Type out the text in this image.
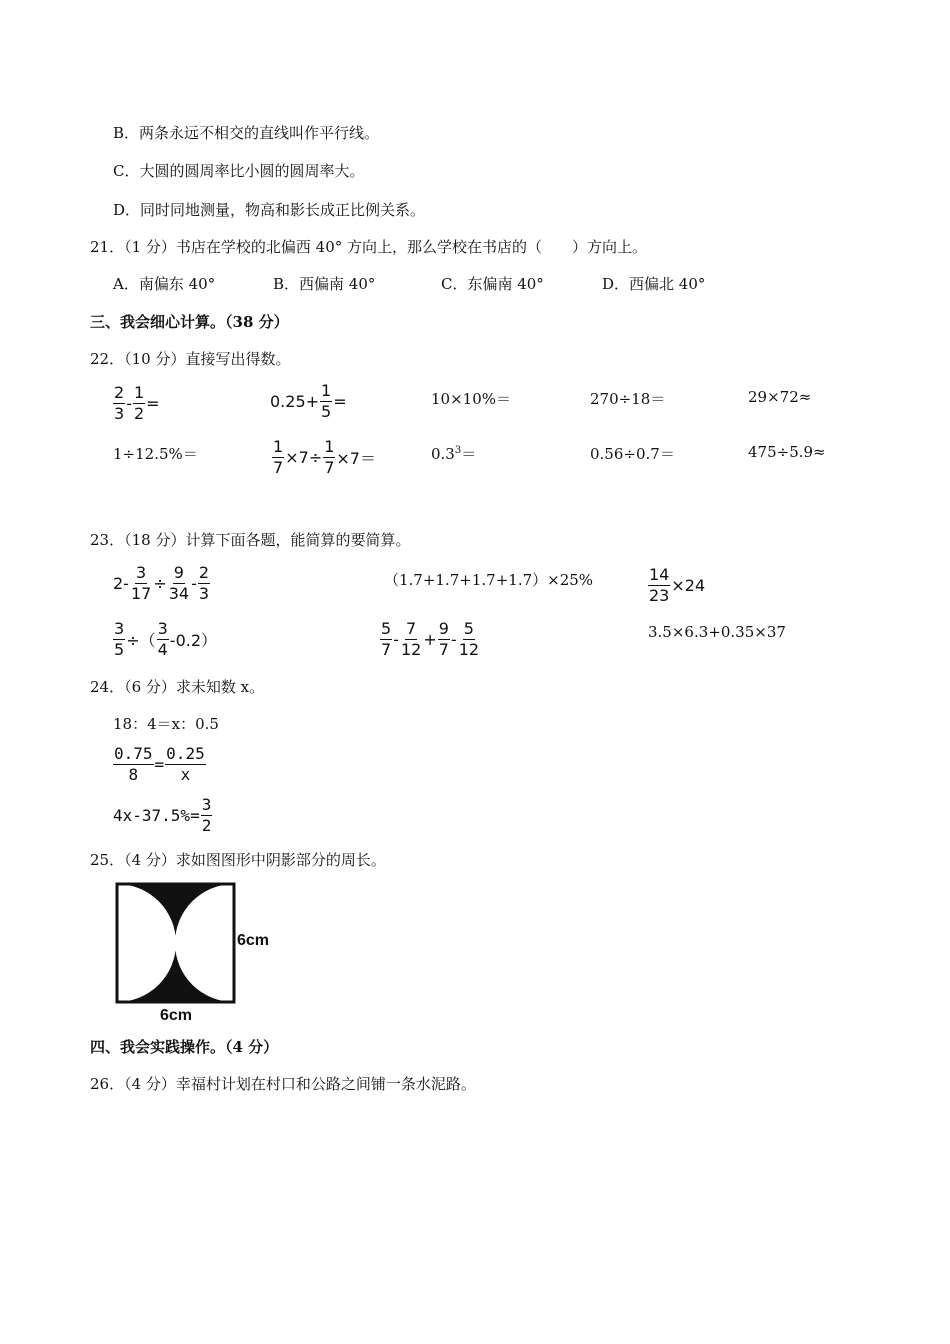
B．两条永远不相交的直线叫作平行线。
C．大圆的圆周率比小圆的圆周率大。
D．同时同地测量，物高和影长成正比例关系。
21．（1 分）书店在学校的北偏西 40° 方向上，那么学校在书店的（　　）方向上。
A．南偏东 40°	B．西偏南 40°	C．东偏南 40°	D．西偏北 40°
三、我会细心计算。（38 分）
22．（10 分）直接写出得数。
$\frac{2}{3} - \frac{1}{2}$ =	$0.25+ \frac{1}{5}$ =	10×10%＝	270÷18＝	29×72≈
1÷12.5%＝	$\frac{1}{7} \times 7\div \frac{1}{7} \times 7=$	$0.3^3=$	0.56÷0.7＝	475÷5.9≈
23．（18 分）计算下面各题，能简算的要简算。
$2- \frac{3}{17} \div \frac{9}{34} - \frac{2}{3}$	（1.7+1.7+1.7+1.7）×25%	$\frac{14}{23} \times 24$
$\frac{3}{5}$ ÷（ $\frac{3}{4} -0.2$）	$\frac{5}{7} - \frac{7}{12} + \frac{9}{7} - \frac{5}{12}$	3.5×6.3+0.35×37
24．（6 分）求未知数 x。
18：4＝x：0.5
$\frac{0.75}{8} = \frac{0.25}{x}$
$4x-37.5\%= \frac{3}{2}$
25．（4 分）求如图图形中阴影部分的周长。
6cm
6cm
四、我会实践操作。（4 分）
26．（4 分）幸福村计划在村口和公路之间铺一条水泥路。
